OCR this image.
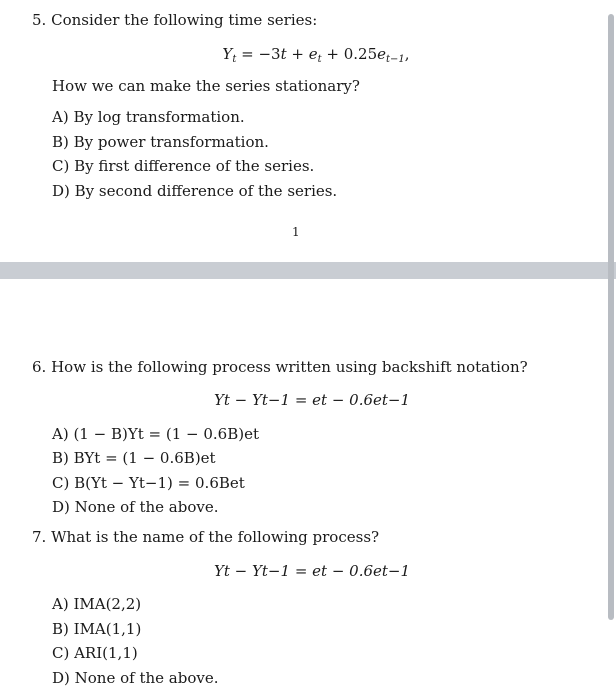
5. Consider the following time series:
$Y_t = -3t + e_t + 0.25e_{t-1}$,
How we can make the series stationary?
A) By log transformation.
B) By power transformation.
C) By first difference of the series.
D) By second difference of the series.
1
6. How is the following process written using backshift notation?
Yt − Yt−1 = et − 0.6et−1
A) (1 − B)Yt = (1 − 0.6B)et
B) BYt = (1 − 0.6B)et
C) B(Yt − Yt−1) = 0.6Bet
D) None of the above.
7. What is the name of the following process?
Yt − Yt−1 = et − 0.6et−1
A) IMA(2,2)
B) IMA(1,1)
C) ARI(1,1)
D) None of the above.
